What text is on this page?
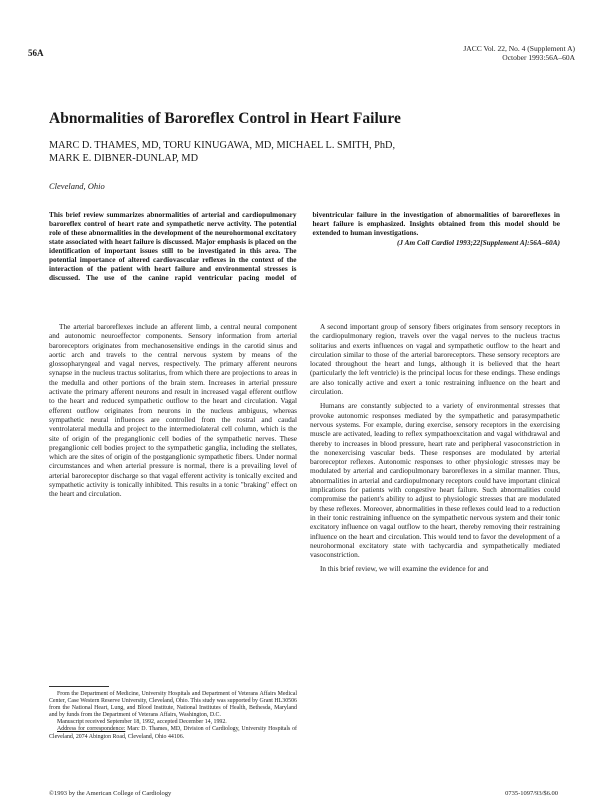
56A	JACC Vol. 22, No. 4 (Supplement A)
October 1993:56A–60A
Abnormalities of Baroreflex Control in Heart Failure
MARC D. THAMES, MD, TORU KINUGAWA, MD, MICHAEL L. SMITH, PhD,
MARK E. DIBNER-DUNLAP, MD
Cleveland, Ohio

This brief review summarizes abnormalities of arterial and cardiopulmonary baroreflex control of heart rate and sympathetic nerve activity. The potential role of these abnormalities in the development of the neurohormonal excitatory state associated with heart failure is discussed. Major emphasis is placed on the identification of important issues still to be investigated in this area. The potential importance of altered cardiovascular reflexes in the context of the interaction of the patient with heart failure and environmental stresses is discussed. The use of the canine rapid ventricular pacing model of biventricular failure in the investigation of abnormalities of baroreflexes in heart failure is emphasized. Insights obtained from this model should be extended to human investigations.

(J Am Coll Cardiol 1993;22[Supplement A]:56A–60A)

The arterial baroreflexes include an afferent limb, a central neural component and autonomic neuroeffector components. Sensory information from arterial baroreceptors originates from mechanosensitive endings in the carotid sinus and aortic arch and travels to the central nervous system by means of the glossopharyngeal and vagal nerves, respectively. The primary afferent neurons synapse in the nucleus tractus solitarius, from which there are projections to areas in the medulla and other portions of the brain stem. Increases in arterial pressure activate the primary afferent neurons and result in increased vagal efferent outflow to the heart and reduced sympathetic outflow to the heart and circulation. Vagal efferent outflow originates from neurons in the nucleus ambiguus, whereas sympathetic neural influences are controlled from the rostral and caudal ventrolateral medulla and project to the intermediolateral cell column, which is the site of origin of the preganglionic cell bodies of the sympathetic nerves. These preganglionic cell bodies project to the sympathetic ganglia, including the stellates, which are the sites of origin of the postganglionic sympathetic fibers. Under normal circumstances and when arterial pressure is normal, there is a prevailing level of arterial baroreceptor discharge so that vagal efferent activity is tonically excited and sympathetic activity is tonically inhibited. This results in a tonic "braking" effect on the heart and circulation.

A second important group of sensory fibers originates from sensory receptors in the cardiopulmonary region, travels over the vagal nerves to the nucleus tractus solitarius and exerts influences on vagal and sympathetic outflow to the heart and circulation similar to those of the arterial baroreceptors. These sensory receptors are located throughout the heart and lungs, although it is believed that the heart (particularly the left ventricle) is the principal locus for these endings. These endings are also tonically active and exert a tonic restraining influence on the heart and circulation.

Humans are constantly subjected to a variety of environmental stresses that provoke autonomic responses mediated by the sympathetic and parasympathetic nervous systems. For example, during exercise, sensory receptors in the exercising muscle are activated, leading to reflex sympathoexcitation and vagal withdrawal and thereby to increases in blood pressure, heart rate and peripheral vasoconstriction in the nonexercising vascular beds. These responses are modulated by arterial baroreceptor reflexes. Autonomic responses to other physiologic stresses may be modulated by arterial and cardiopulmonary baroreflexes in a similar manner. Thus, abnormalities in arterial and cardiopulmonary receptors could have important clinical implications for patients with congestive heart failure. Such abnormalities could compromise the patient's ability to adjust to physiologic stresses that are modulated by these reflexes. Moreover, abnormalities in these reflexes could lead to a reduction in their tonic restraining influence on the sympathetic nervous system and their tonic excitatory influence on vagal outflow to the heart, thereby removing their restraining influence on the heart and circulation. This would tend to favor the development of a neurohormonal excitatory state with tachycardia and sympathetically mediated vasoconstriction.

In this brief review, we will examine the evidence for and

From the Department of Medicine, University Hospitals and Department of Veterans Affairs Medical Center, Case Western Reserve University, Cleveland, Ohio. This study was supported by Grant HL30506 from the National Heart, Lung, and Blood Institute, National Institutes of Health, Bethesda, Maryland and by funds from the Department of Veterans Affairs, Washington, D.C.

Manuscript received September 18, 1992, accepted December 14, 1992.

Address for correspondence: Marc D. Thames, MD, Division of Cardiology, University Hospitals of Cleveland, 2074 Abington Road, Cleveland, Ohio 44106.

©1993 by the American College of Cardiology	0735-1097/93/$6.00
